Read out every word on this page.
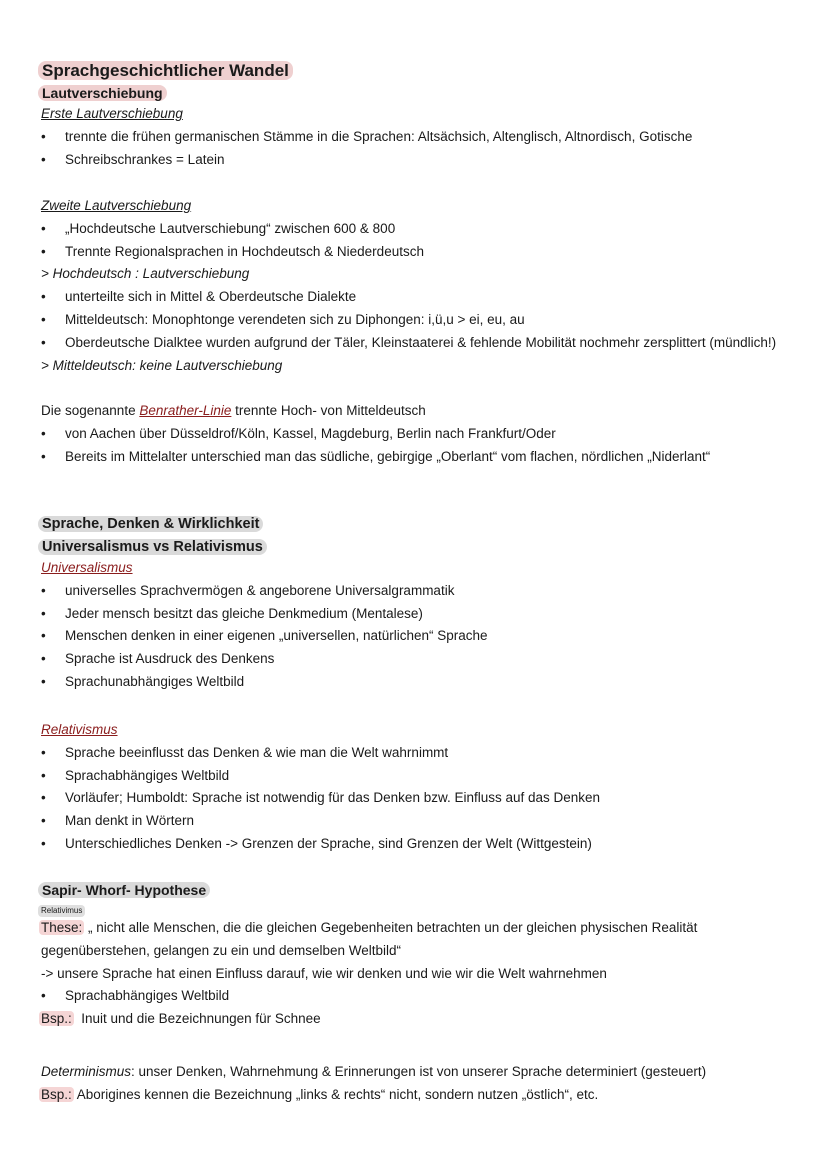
Sprachgeschichtlicher Wandel
Lautverschiebung
Erste Lautverschiebung
• trennte die frühen germanischen Stämme in die Sprachen: Altsächsich, Altenglisch, Altnordisch, Gotische
• Schreibschrankes = Latein
Zweite Lautverschiebung
• „Hochdeutsche Lautverschiebung“ zwischen 600 & 800
• Trennte Regionalsprachen in Hochdeutsch & Niederdeutsch
> Hochdeutsch : Lautverschiebung
• unterteilte sich in Mittel & Oberdeutsche Dialekte
• Mitteldeutsch: Monophtonge verendeten sich zu Diphongen: i,ü,u > ei, eu, au
• Oberdeutsche Dialktee wurden aufgrund der Täler, Kleinstaaterei & fehlende Mobilität nochmehr zersplittert (mündlich!)
> Mitteldeutsch: keine Lautverschiebung
Die sogenannte Benrather-Linie trennte Hoch- von Mitteldeutsch
• von Aachen über Düsseldrof/Köln, Kassel, Magdeburg, Berlin nach Frankfurt/Oder
• Bereits im Mittelalter unterschied man das südliche, gebirgige „Oberlant“ vom flachen, nördlichen „Niderlant“
Sprache, Denken & Wirklichkeit
Universalismus vs Relativismus
Universalismus
• universelles Sprachvermögen & angeborene Universalgrammatik
• Jeder mensch besitzt das gleiche Denkmedium (Mentalese)
• Menschen denken in einer eigenen „universellen, natürlichen“ Sprache
• Sprache ist Ausdruck des Denkens
• Sprachunabhängiges Weltbild
Relativismus
• Sprache beeinflusst das Denken & wie man die Welt wahrnimmt
• Sprachabhängiges Weltbild
• Vorläufer; Humboldt: Sprache ist notwendig für das Denken bzw. Einfluss auf das Denken
• Man denkt in Wörtern
• Unterschiedliches Denken -> Grenzen der Sprache, sind Grenzen der Welt (Wittgestein)
Sapir- Whorf- Hypothese
Relativimus
These: „ nicht alle Menschen, die die gleichen Gegebenheiten betrachten un der gleichen physischen Realität
gegenüberstehen, gelangen zu ein und demselben Weltbild“
-> unsere Sprache hat einen Einfluss darauf, wie wir denken und wie wir die Welt wahrnehmen
• Sprachabhängiges Weltbild
Bsp.:  Inuit und die Bezeichnungen für Schnee
Determinismus: unser Denken, Wahrnehmung & Erinnerungen ist von unserer Sprache determiniert (gesteuert)
Bsp.: Aborigines kennen die Bezeichnung „links & rechts“ nicht, sondern nutzen „östlich“, etc.
